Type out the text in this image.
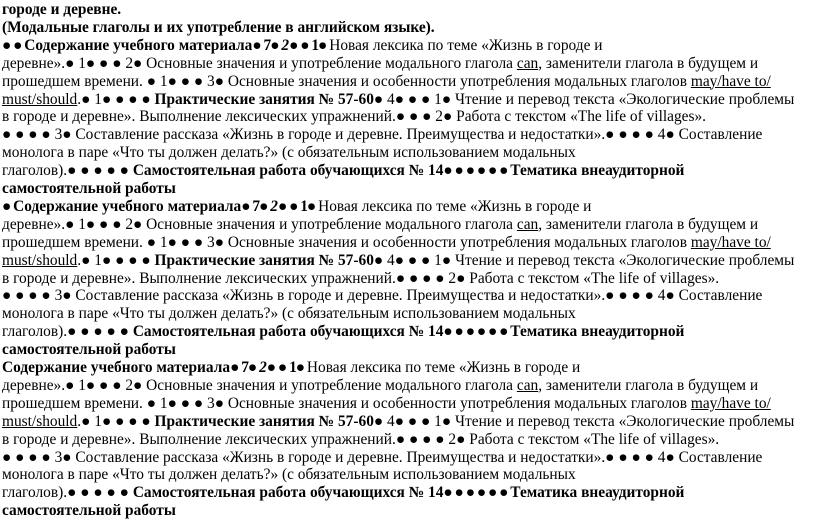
городе и деревне.
(Модальные глаголы и их употребление в английском языке).
● ● Содержание учебного материала● 7● 2● ● 1● Новая лексика по теме «Жизнь в городе и
деревне».● 1● ● ● 2● Основные значения и употребление модального глагола can, заменители глагола в будущем и
прошедшем времени. ● 1● ● ● 3● Основные значения и особенности употребления модальных глаголов may/have to/
must/should.● 1● ● ● ● Практические занятия № 57-60● 4● ● ● 1● Чтение и перевод текста «Экологические проблемы
в городе и деревне». Выполнение лексических упражнений.● ● ● 2● Работа с текстом «The life of villages».
● ● ● ● 3● Составление рассказа «Жизнь в городе и деревне. Преимущества и недостатки».● ● ● ● 4● Составление
монолога в паре «Что ты должен делать?» (с обязательным использованием модальных
глаголов).● ● ● ● ● Самостоятельная работа обучающихся № 14● ● ● ● ● ● Тематика внеаудиторной
самостоятельной работы
● Содержание учебного материала● 7● 2● ● 1● Новая лексика по теме «Жизнь в городе и
деревне».● 1● ● ● 2● Основные значения и употребление модального глагола can, заменители глагола в будущем и
прошедшем времени. ● 1● ● ● 3● Основные значения и особенности употребления модальных глаголов may/have to/
must/should.● 1● ● ● ● Практические занятия № 57-60● 4● ● ● 1● Чтение и перевод текста «Экологические проблемы
в городе и деревне». Выполнение лексических упражнений.● ● ● ● 2● Работа с текстом «The life of villages».
● ● ● ● 3● Составление рассказа «Жизнь в городе и деревне. Преимущества и недостатки».● ● ● ● 4● Составление
монолога в паре «Что ты должен делать?» (с обязательным использованием модальных
глаголов).● ● ● ● ● Самостоятельная работа обучающихся № 14● ● ● ● ● ● Тематика внеаудиторной
самостоятельной работы
Содержание учебного материала● 7● 2● ● 1● Новая лексика по теме «Жизнь в городе и
деревне».● 1● ● ● 2● Основные значения и употребление модального глагола can, заменители глагола в будущем и
прошедшем времени. ● 1● ● ● 3● Основные значения и особенности употребления модальных глаголов may/have to/
must/should.● 1● ● ● ● Практические занятия № 57-60● 4● ● ● 1● Чтение и перевод текста «Экологические проблемы
в городе и деревне». Выполнение лексических упражнений.● ● ● ● 2● Работа с текстом «The life of villages».
● ● ● ● 3● Составление рассказа «Жизнь в городе и деревне. Преимущества и недостатки».● ● ● ● 4● Составление
монолога в паре «Что ты должен делать?» (с обязательным использованием модальных
глаголов).● ● ● ● ● Самостоятельная работа обучающихся № 14● ● ● ● ● ● Тематика внеаудиторной
самостоятельной работы
